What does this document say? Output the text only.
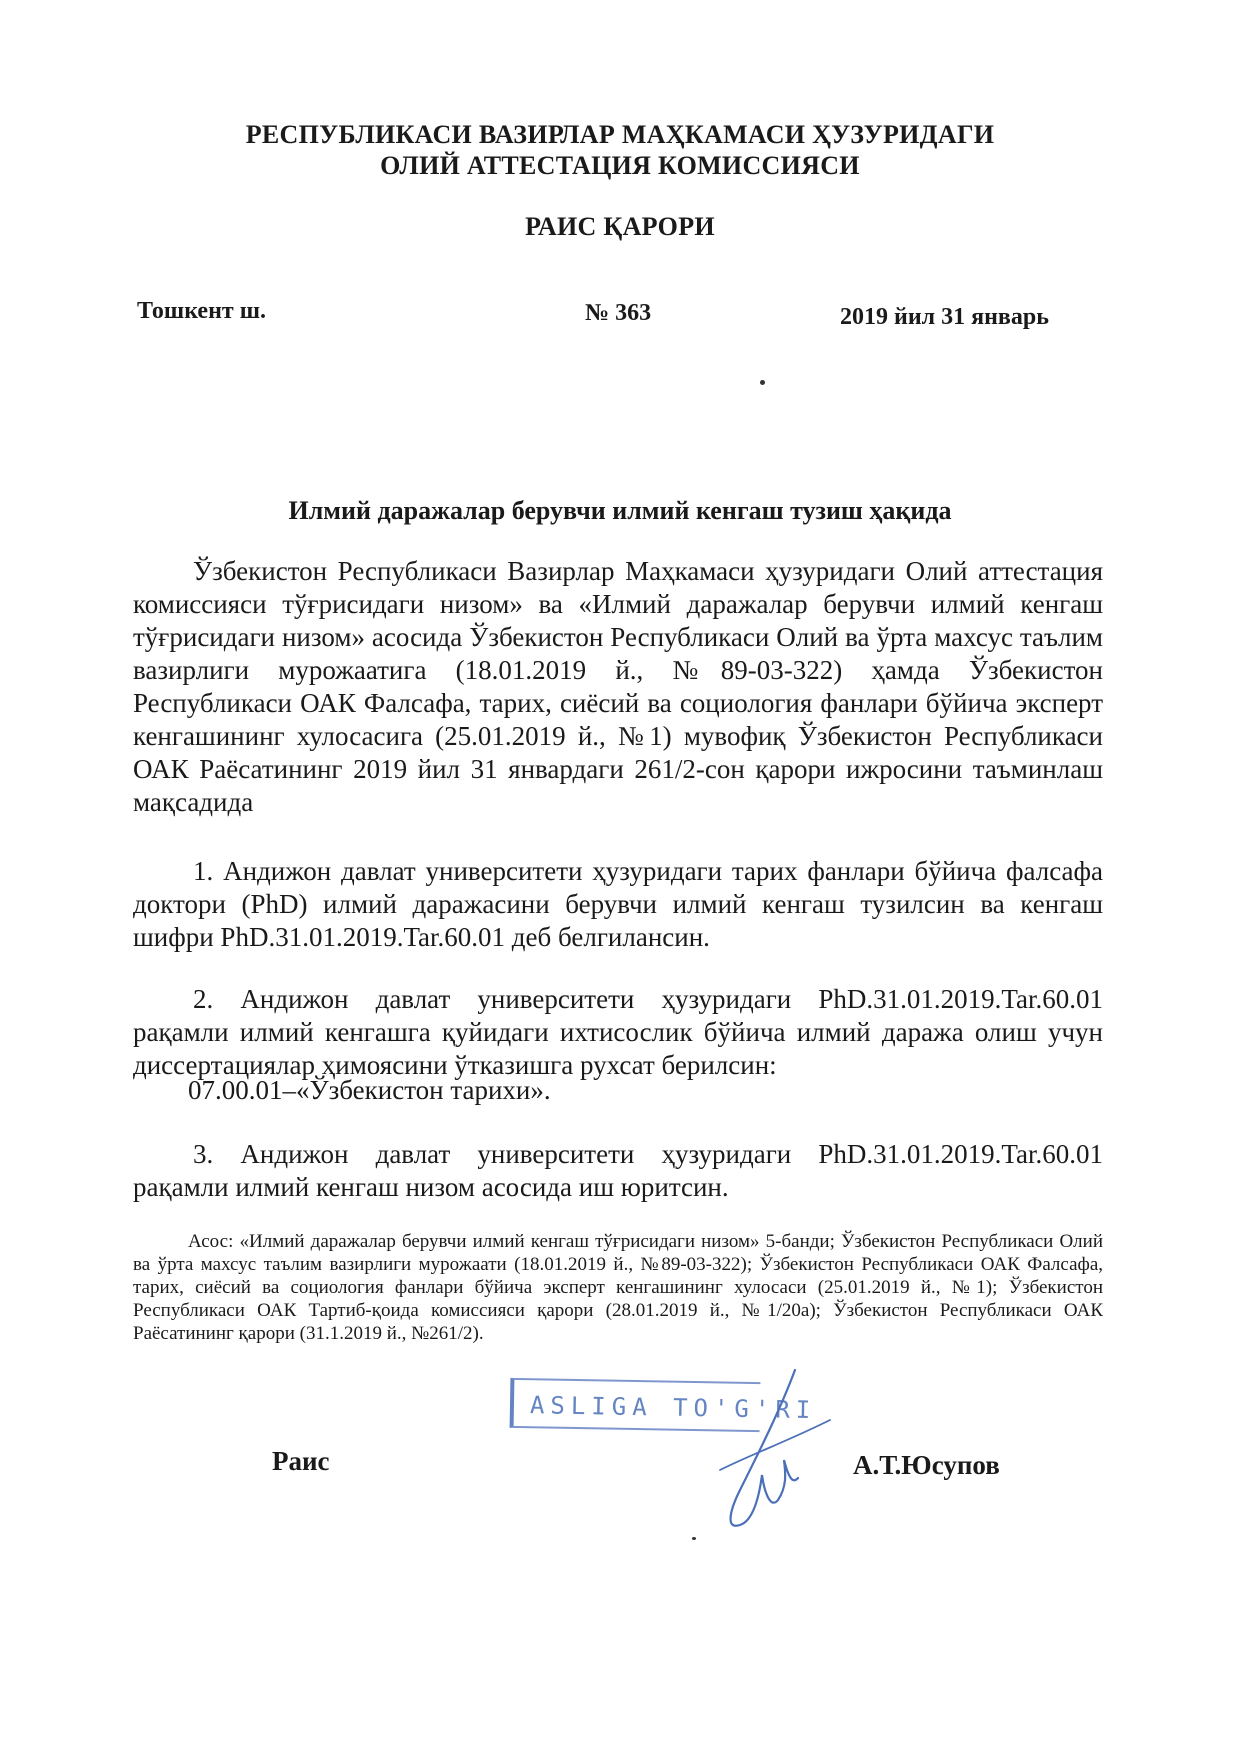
РЕСПУБЛИКАСИ ВАЗИРЛАР МАҲКАМАСИ ҲУЗУРИДАГИ
ОЛИЙ АТТЕСТАЦИЯ КОМИССИЯСИ
РАИС ҚАРОРИ
Тошкент ш.	№ 363	2019 йил 31 январь
Илмий даражалар берувчи илмий кенгаш тузиш ҳақида

Ўзбекистон Республикаси Вазирлар Маҳкамаси ҳузуридаги Олий аттестация комиссияси тўғрисидаги низом» ва «Илмий даражалар берувчи илмий кенгаш тўғрисидаги низом» асосида Ўзбекистон Республикаси Олий ва ўрта махсус таълим вазирлиги мурожаатига (18.01.2019 й., №89-03-322) ҳамда Ўзбекистон Республикаси ОАК Фалсафа, тарих, сиёсий ва социология фанлари бўйича эксперт кенгашининг хулосасига (25.01.2019 й., №1) мувофиқ Ўзбекистон Республикаси ОАК Раёсатининг 2019 йил 31 январдаги 261/2-сон қарори ижросини таъминлаш мақсадида

1. Андижон давлат университети ҳузуридаги тарих фанлари бўйича фалсафа доктори (PhD) илмий даражасини берувчи илмий кенгаш тузилсин ва кенгаш шифри PhD.31.01.2019.Tar.60.01 деб белгилансин.

2. Андижон давлат университети ҳузуридаги PhD.31.01.2019.Tar.60.01 рақамли илмий кенгашга қуйидаги ихтисослик бўйича илмий даража олиш учун диссертациялар ҳимоясини ўтказишга рухсат берилсин:

07.00.01–«Ўзбекистон тарихи».

3. Андижон давлат университети ҳузуридаги PhD.31.01.2019.Tar.60.01 рақамли илмий кенгаш низом асосида иш юритсин.

Асос: «Илмий даражалар берувчи илмий кенгаш тўғрисидаги низом» 5-банди; Ўзбекистон Республикаси Олий ва ўрта махсус таълим вазирлиги мурожаати (18.01.2019 й., №89-03-322); Ўзбекистон Республикаси ОАК Фалсафа, тарих, сиёсий ва социология фанлари бўйича эксперт кенгашининг хулосаси (25.01.2019 й., №1); Ўзбекистон Республикаси ОАК Тартиб-қоида комиссияси қарори (28.01.2019 й., №1/20а); Ўзбекистон Республикаси ОАК Раёсатининг қарори (31.1.2019 й., №261/2).

ASLIGA TO'G'RI
Раис	А.Т.Юсупов
